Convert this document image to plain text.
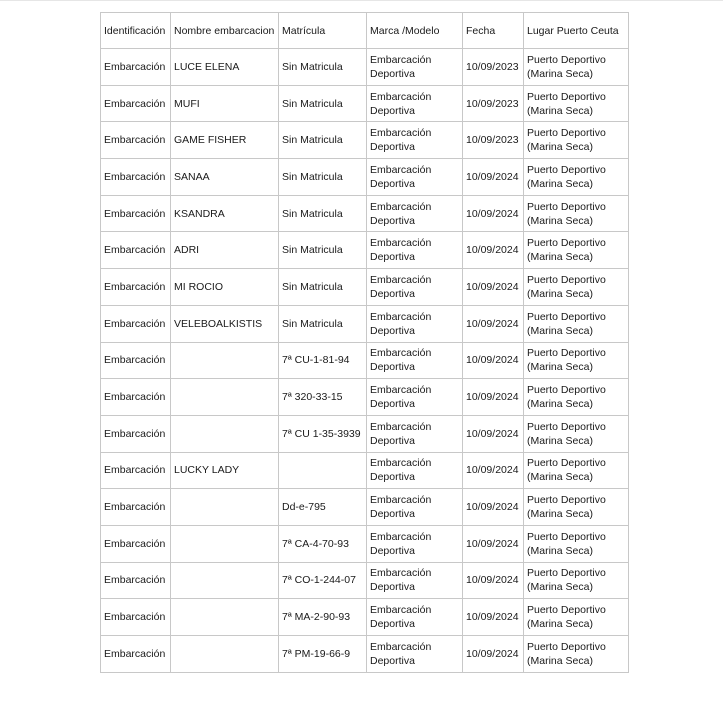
Identificación	Nombre embarcacion	Matrícula	Marca /Modelo	Fecha	Lugar Puerto Ceuta
Embarcación	LUCE ELENA	Sin Matricula	Embarcación Deportiva	10/09/2023	Puerto Deportivo (Marina Seca)
Embarcación	MUFI	Sin Matricula	Embarcación Deportiva	10/09/2023	Puerto Deportivo (Marina Seca)
Embarcación	GAME FISHER	Sin Matricula	Embarcación Deportiva	10/09/2023	Puerto Deportivo (Marina Seca)
Embarcación	SANAA	Sin Matricula	Embarcación Deportiva	10/09/2024	Puerto Deportivo (Marina Seca)
Embarcación	KSANDRA	Sin Matricula	Embarcación Deportiva	10/09/2024	Puerto Deportivo (Marina Seca)
Embarcación	ADRI	Sin Matricula	Embarcación Deportiva	10/09/2024	Puerto Deportivo (Marina Seca)
Embarcación	MI ROCIO	Sin Matricula	Embarcación Deportiva	10/09/2024	Puerto Deportivo (Marina Seca)
Embarcación	VELEBOALKISTIS	Sin Matricula	Embarcación Deportiva	10/09/2024	Puerto Deportivo (Marina Seca)
Embarcación		7ª CU-1-81-94	Embarcación Deportiva	10/09/2024	Puerto Deportivo (Marina Seca)
Embarcación		7ª 320-33-15	Embarcación Deportiva	10/09/2024	Puerto Deportivo (Marina Seca)
Embarcación		7ª CU 1-35-3939	Embarcación Deportiva	10/09/2024	Puerto Deportivo (Marina Seca)
Embarcación	LUCKY LADY		Embarcación Deportiva	10/09/2024	Puerto Deportivo (Marina Seca)
Embarcación		Dd-e-795	Embarcación Deportiva	10/09/2024	Puerto Deportivo (Marina Seca)
Embarcación		7ª CA-4-70-93	Embarcación Deportiva	10/09/2024	Puerto Deportivo (Marina Seca)
Embarcación		7ª CO-1-244-07	Embarcación Deportiva	10/09/2024	Puerto Deportivo (Marina Seca)
Embarcación		7ª MA-2-90-93	Embarcación Deportiva	10/09/2024	Puerto Deportivo (Marina Seca)
Embarcación		7ª PM-19-66-9	Embarcación Deportiva	10/09/2024	Puerto Deportivo (Marina Seca)
